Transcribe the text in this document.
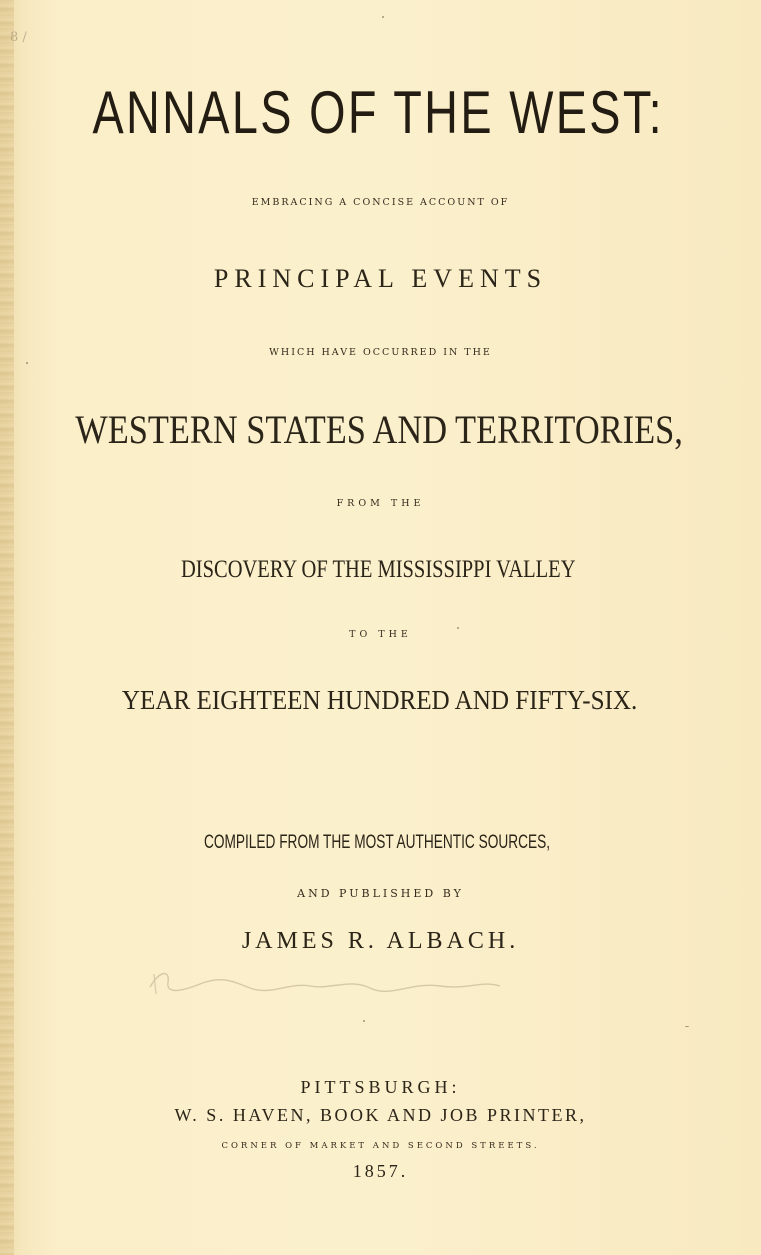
8 /
ANNALS OF THE WEST:
EMBRACING A CONCISE ACCOUNT OF
PRINCIPAL EVENTS
WHICH HAVE OCCURRED IN THE
WESTERN STATES AND TERRITORIES,
FROM THE
DISCOVERY OF THE MISSISSIPPI VALLEY
TO THE
YEAR EIGHTEEN HUNDRED AND FIFTY-SIX.
COMPILED FROM THE MOST AUTHENTIC SOURCES,
AND PUBLISHED BY
JAMES R. ALBACH.
PITTSBURGH:
W. S. HAVEN, BOOK AND JOB PRINTER,
CORNER OF MARKET AND SECOND STREETS.
1857.
